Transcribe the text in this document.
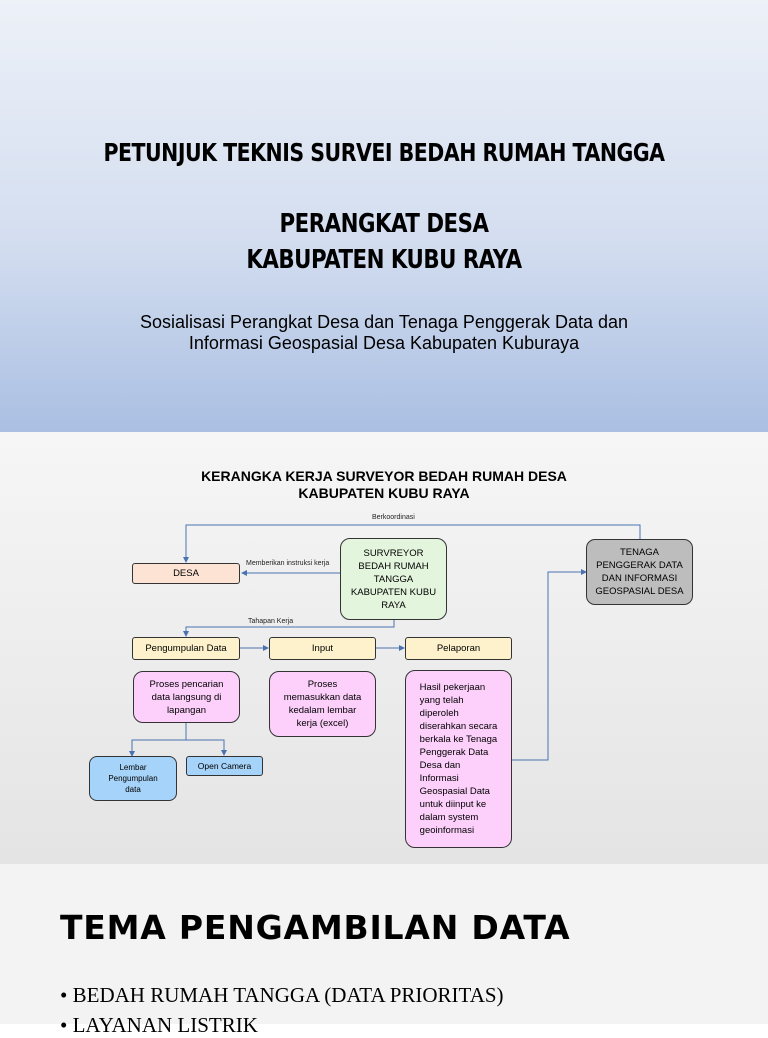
PETUNJUK TEKNIS SURVEI BEDAH RUMAH TANGGA
PERANGKAT DESA
KABUPATEN KUBU RAYA

Sosialisasi Perangkat Desa dan Tenaga Penggerak Data dan

Informasi Geospasial Desa Kabupaten Kuburaya

KERANGKA KERJA SURVEYOR BEDAH RUMAH DESA

KABUPATEN KUBU RAYA

Berkoordinasi

Memberikan instruksi kerja

Tahapan Kerja

DESA
SURVREYOR
BEDAH RUMAH
TANGGA
KABUPATEN KUBU
RAYA
TENAGA
PENGGERAK DATA
DAN INFORMASI
GEOSPASIAL DESA
Pengumpulan Data	Input	Pelaporan
Proses pencarian
data langsung di
lapangan
Proses
memasukkan data
kedalam lembar
kerja (excel)
Hasil pekerjaan
yang telah
diperoleh
diserahkan secara
berkala ke Tenaga
Penggerak Data
Desa dan
Informasi
Geospasial Data
untuk diinput ke
dalam system
geoinformasi
Lembar
Pengumpulan
data
Open Camera
TEMA PENGAMBILAN DATA

• BEDAH RUMAH TANGGA (DATA PRIORITAS)

• LAYANAN LISTRIK
